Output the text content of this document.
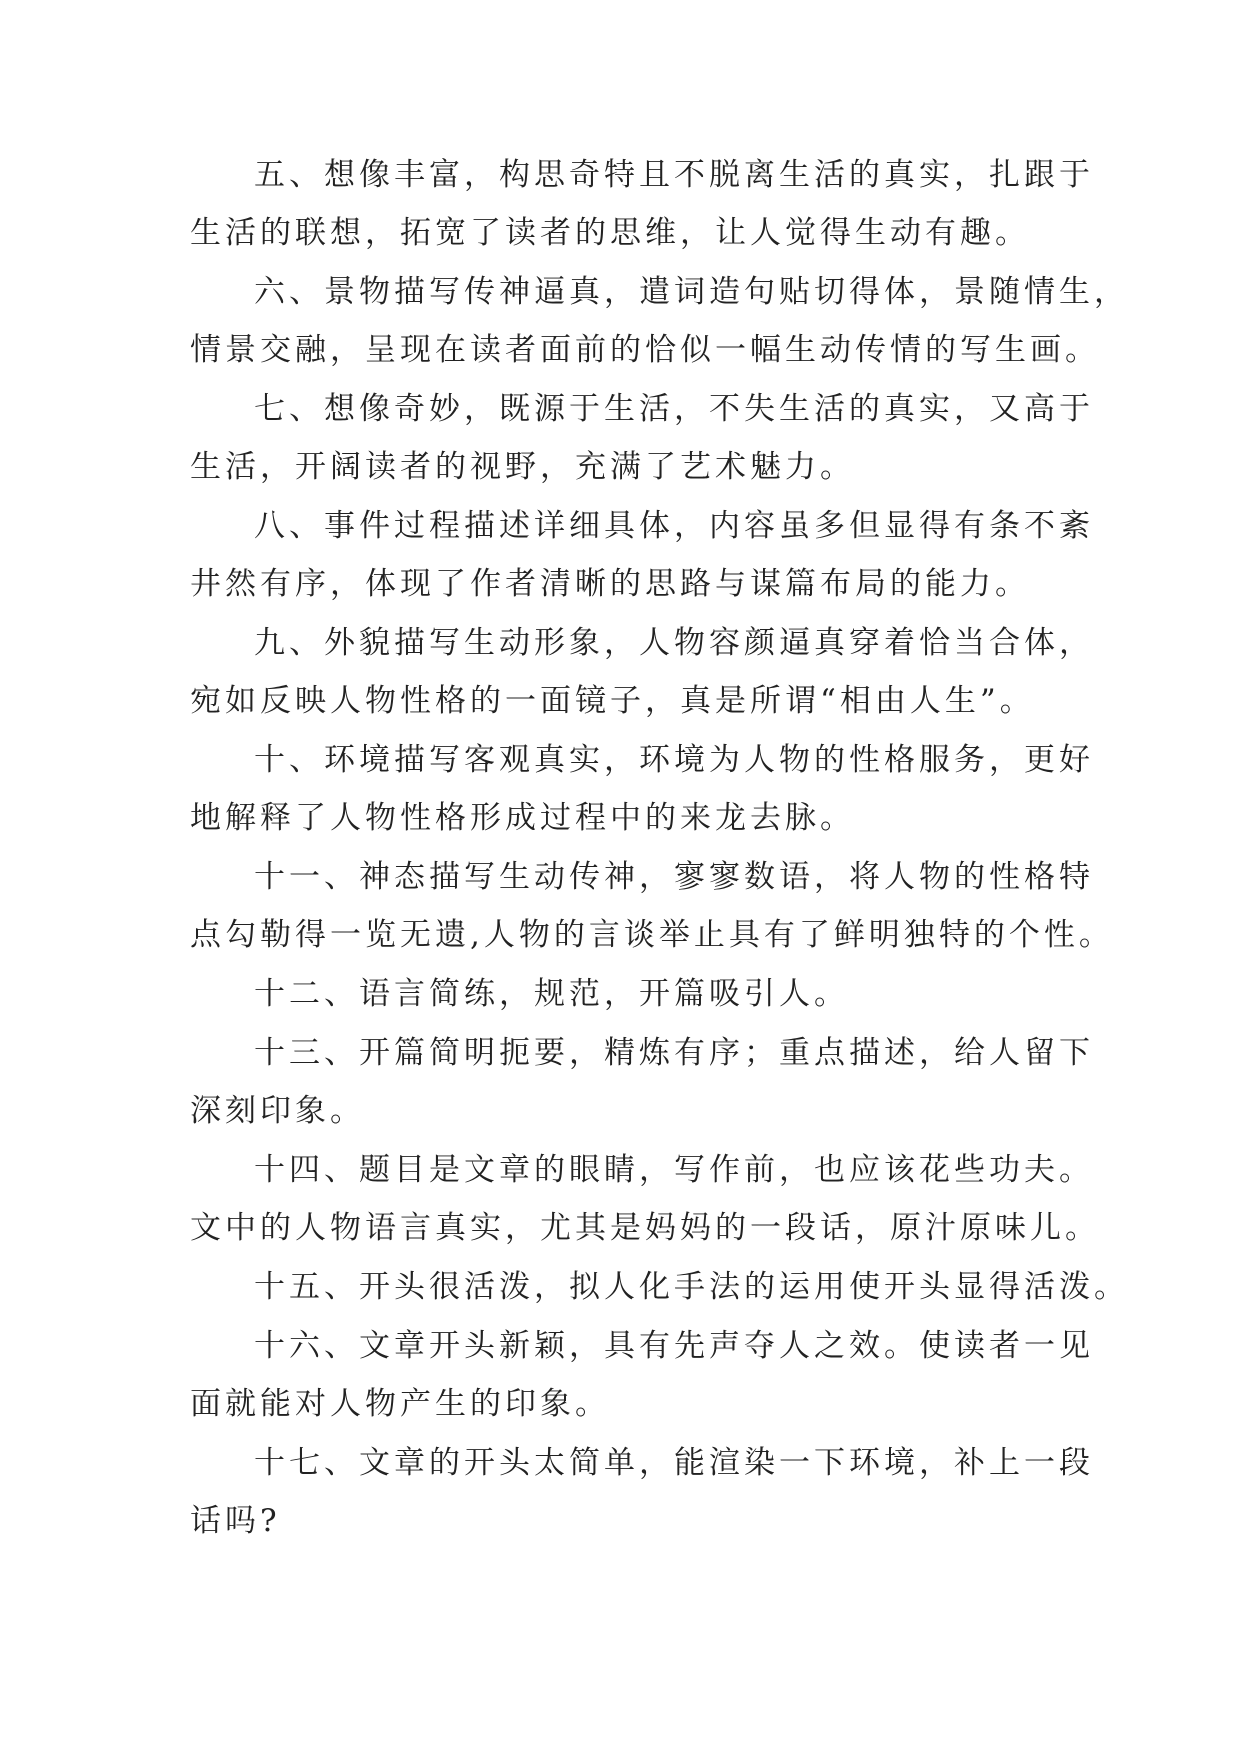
五、想像丰富，构思奇特且不脱离生活的真实，扎跟于
生活的联想，拓宽了读者的思维，让人觉得生动有趣。
六、景物描写传神逼真，遣词造句贴切得体，景随情生，
情景交融，呈现在读者面前的恰似一幅生动传情的写生画。
七、想像奇妙，既源于生活，不失生活的真实，又高于
生活，开阔读者的视野，充满了艺术魅力。
八、事件过程描述详细具体，内容虽多但显得有条不紊
井然有序，体现了作者清晰的思路与谋篇布局的能力。
九、外貌描写生动形象，人物容颜逼真穿着恰当合体，
宛如反映人物性格的一面镜子，真是所谓“相由人生”。
十、环境描写客观真实，环境为人物的性格服务，更好
地解释了人物性格形成过程中的来龙去脉。
十一、神态描写生动传神，寥寥数语，将人物的性格特
点勾勒得一览无遗,人物的言谈举止具有了鲜明独特的个性。
十二、语言简练，规范，开篇吸引人。
十三、开篇简明扼要，精炼有序；重点描述，给人留下
深刻印象。
十四、题目是文章的眼睛，写作前，也应该花些功夫。
文中的人物语言真实，尤其是妈妈的一段话，原汁原味儿。
十五、开头很活泼，拟人化手法的运用使开头显得活泼。
十六、文章开头新颖，具有先声夺人之效。使读者一见
面就能对人物产生的印象。
十七、文章的开头太简单，能渲染一下环境，补上一段
话吗?
